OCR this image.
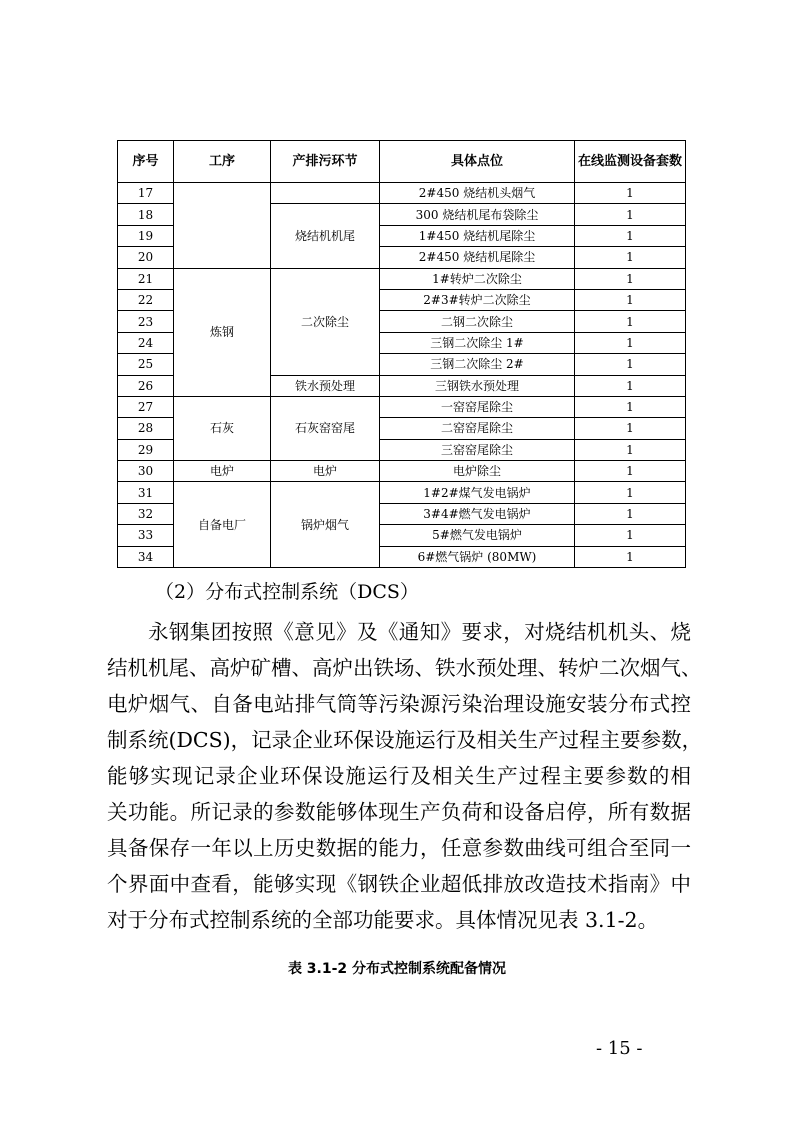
序号	工序	产排污环节	具体点位	在线监测设备套数
17			2#450 烧结机头烟气	1
18		烧结机机尾	300 烧结机尾布袋除尘	1
19			1#450 烧结机尾除尘	1
20			2#450 烧结机尾除尘	1
21	炼钢	二次除尘	1#转炉二次除尘	1
22			2#3#转炉二次除尘	1
23			二钢二次除尘	1
24			三钢二次除尘 1#	1
25			三钢二次除尘 2#	1
26		铁水预处理	三钢铁水预处理	1
27	石灰	石灰窑窑尾	一窑窑尾除尘	1
28			二窑窑尾除尘	1
29			三窑窑尾除尘	1
30	电炉	电炉	电炉除尘	1
31	自备电厂	锅炉烟气	1#2#煤气发电锅炉	1
32			3#4#燃气发电锅炉	1
33			5#燃气发电锅炉	1
34			6#燃气锅炉 (80MW)	1
（2）分布式控制系统（DCS）
永钢集团按照《意见》及《通知》要求，对烧结机机头、烧
结机机尾、高炉矿槽、高炉出铁场、铁水预处理、转炉二次烟气、
电炉烟气、自备电站排气筒等污染源污染治理设施安装分布式控
制系统(DCS)，记录企业环保设施运行及相关生产过程主要参数，
能够实现记录企业环保设施运行及相关生产过程主要参数的相
关功能。所记录的参数能够体现生产负荷和设备启停，所有数据
具备保存一年以上历史数据的能力，任意参数曲线可组合至同一
个界面中查看，能够实现《钢铁企业超低排放改造技术指南》中
对于分布式控制系统的全部功能要求。具体情况见表 3.1-2。
表 3.1-2 分布式控制系统配备情况
- 15 -
